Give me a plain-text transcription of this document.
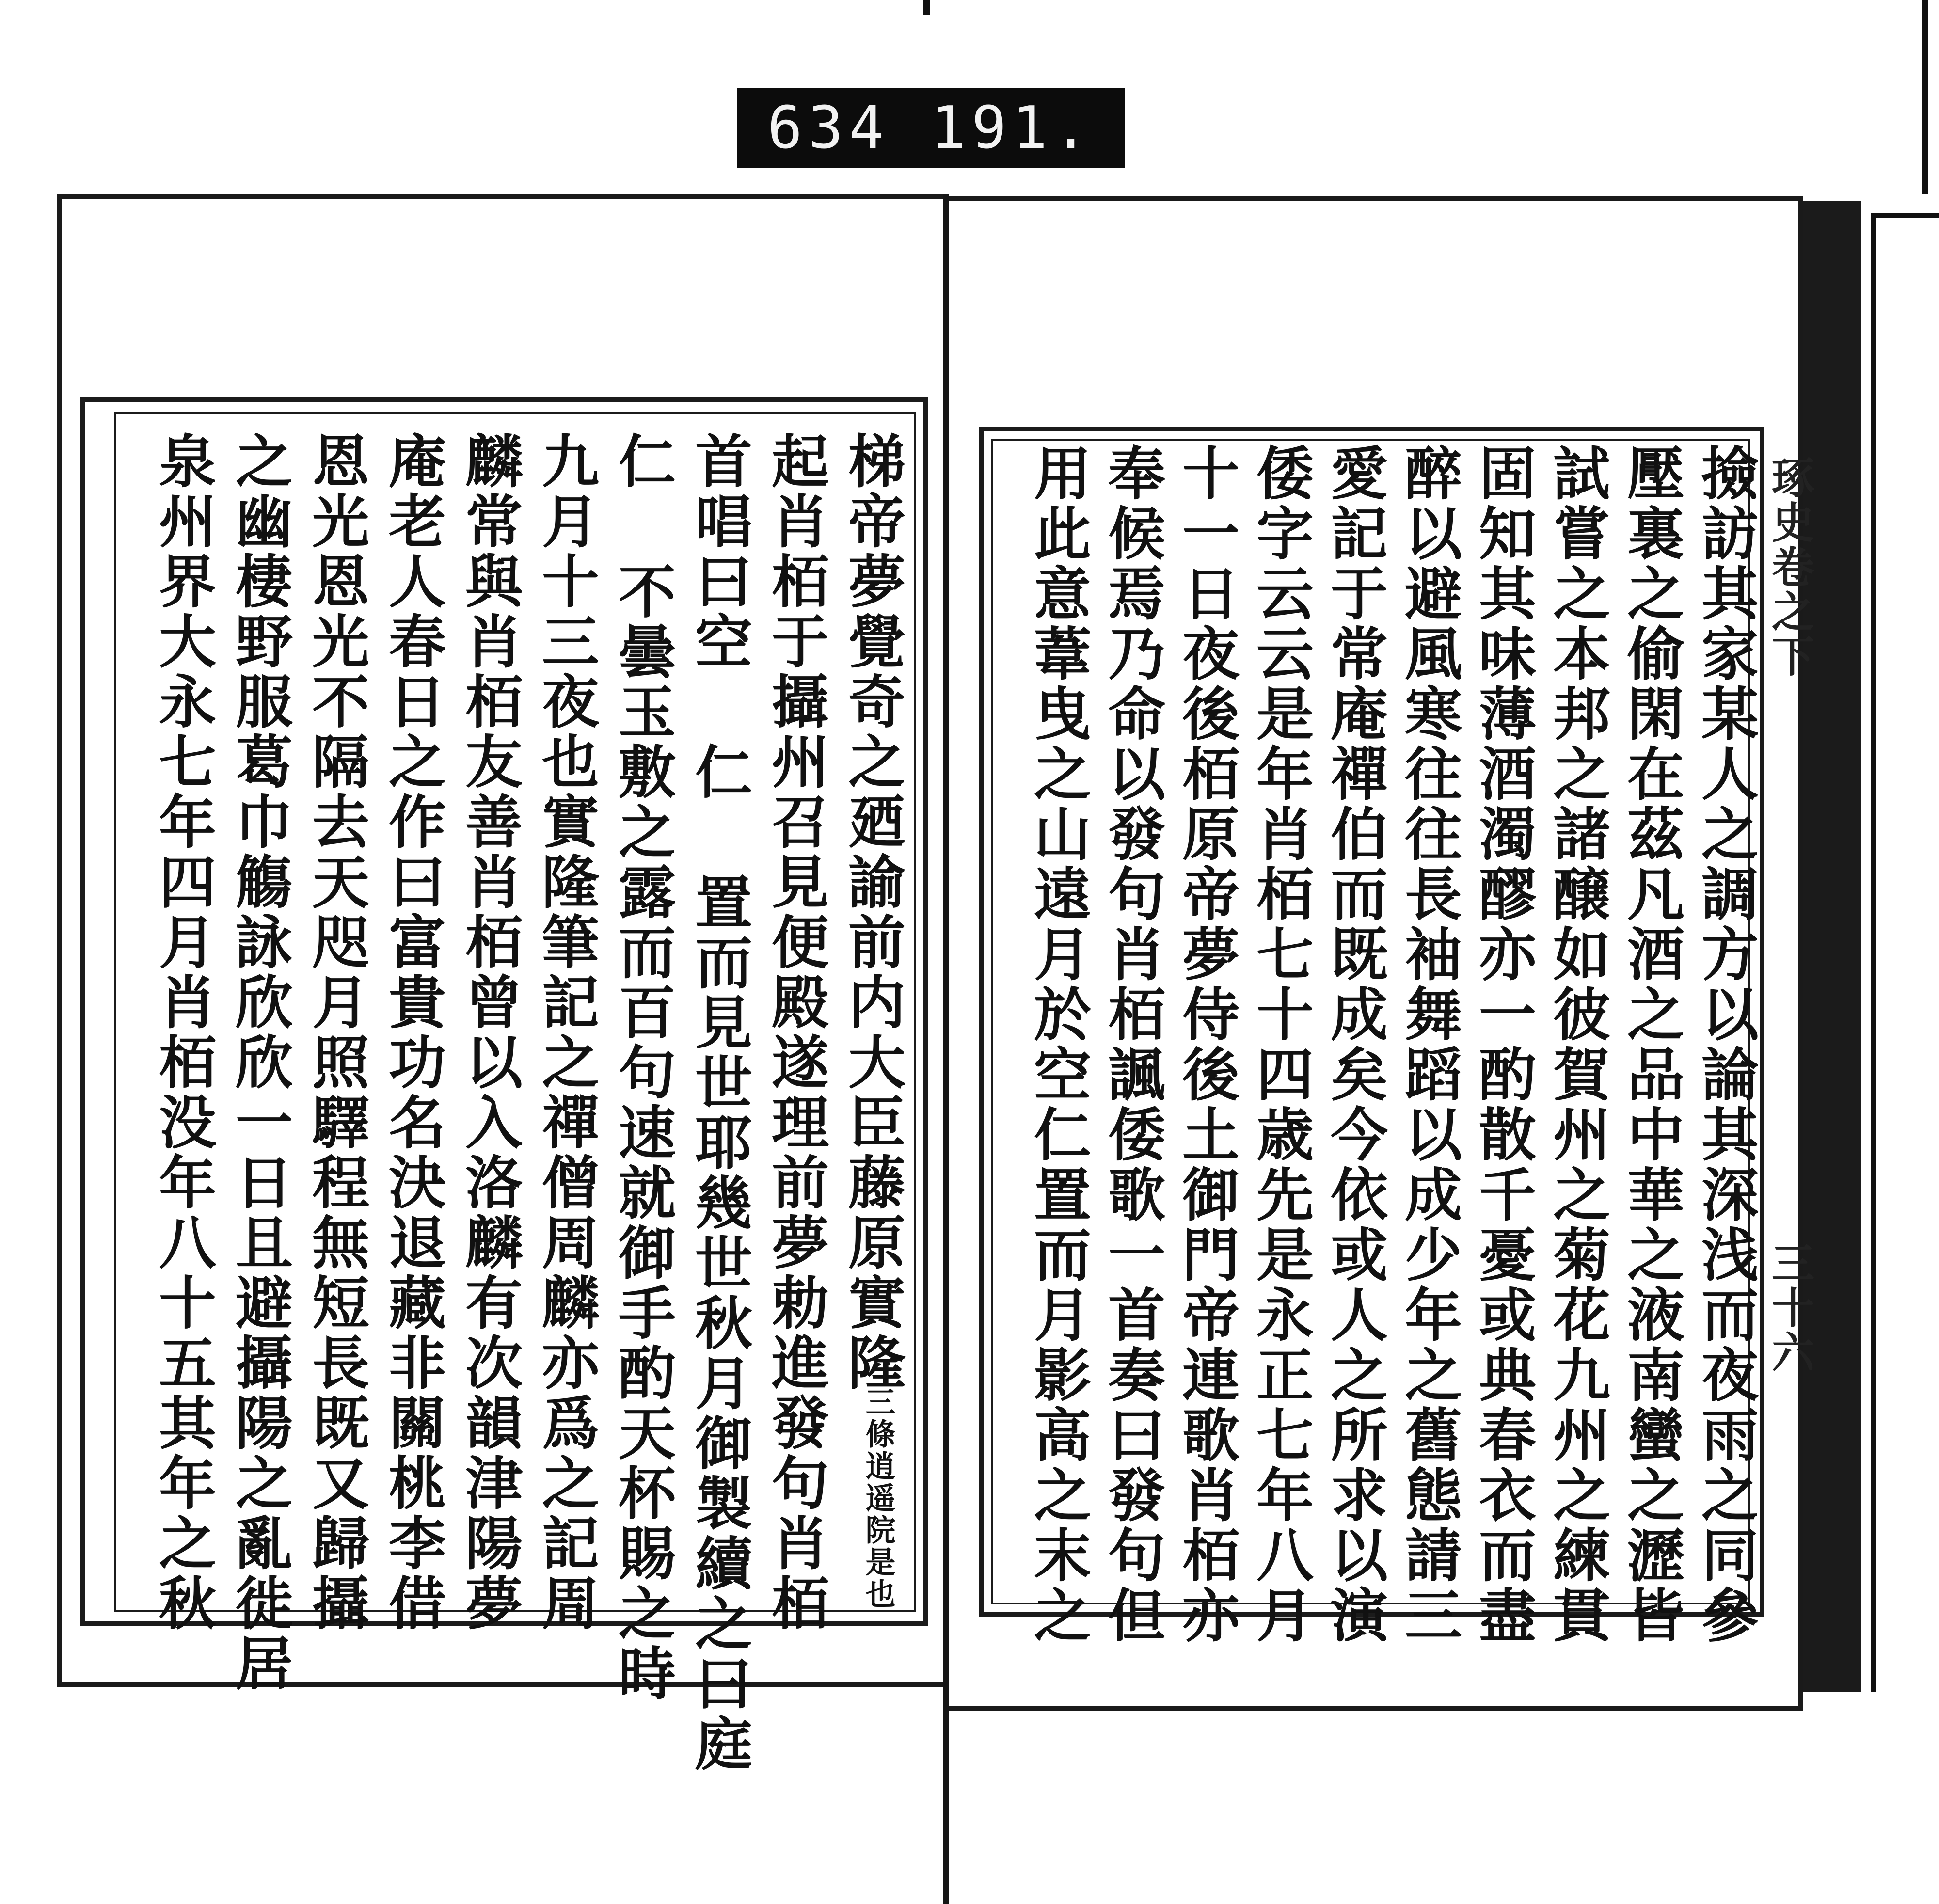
634 191.
梯帝夢覺奇之廼諭前内大臣藤原實隆
起肖栢于攝州召見便殿遂理前夢勅進發句肖栢
首唱曰空 仁 置而見世耶幾世秋月御製續之曰庭
仁 不曇玉敷之露而百句速就御手酌天杯賜之時
九月十三夜也實隆筆記之禪僧周麟亦爲之記周
麟常與肖栢友善肖栢曾以入洛麟有次韻津陽夢
庵老人春日之作曰富貴功名決退藏非關桃李借
恩光恩光不隔去天咫月照驛程無短長既又歸攝
之幽棲野服葛巾觴詠欣欣一日且避攝陽之亂徙居
泉州界大永七年四月肖栢没年八十五其年之秋	三條逍遥院是也
琢史卷之下
三十六
撿訪其家某人之調方以論其深浅而夜雨之同參
壓裏之偷閑在茲凡酒之品中華之液南蠻之瀝皆
試嘗之本邦之諸醸如彼賀州之菊花九州之練貫
固知其味薄酒濁醪亦一酌散千憂或典春衣而盡
醉以避風寒往往長袖舞蹈以成少年之舊態請三
愛記于常庵禪伯而既成矣今依或人之所求以演
倭字云云是年肖栢七十四歳先是永正七年八月
十一日夜後栢原帝夢侍後土御門帝連歌肖栢亦
奉候焉乃命以發句肖栢諷倭歌一首奏曰發句但
用此意葦曳之山遠月於空仁置而月影高之末之
